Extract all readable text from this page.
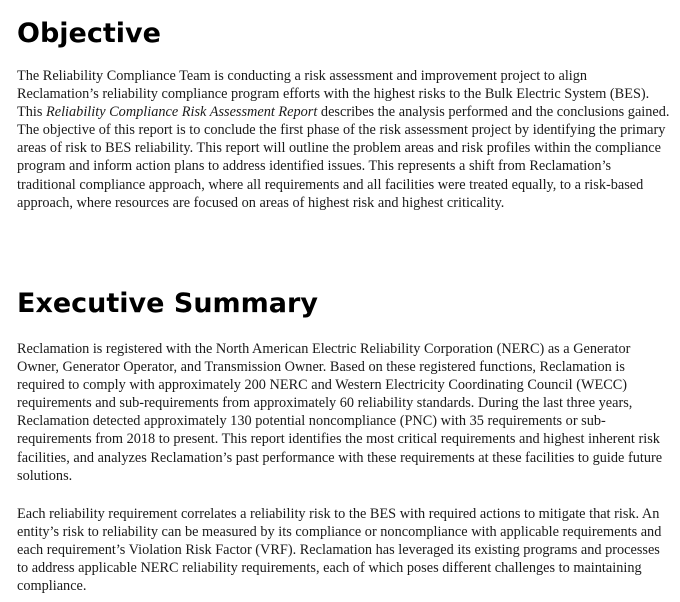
Objective

The Reliability Compliance Team is conducting a risk assessment and improvement project to align Reclamation’s reliability compliance program efforts with the highest risks to the Bulk Electric System (BES). This Reliability Compliance Risk Assessment Report describes the analysis performed and the conclusions gained. The objective of this report is to conclude the first phase of the risk assessment project by identifying the primary areas of risk to BES reliability. This report will outline the problem areas and risk profiles within the compliance program and inform action plans to address identified issues. This represents a shift from Reclamation’s traditional compliance approach, where all requirements and all facilities were treated equally, to a risk-based approach, where resources are focused on areas of highest risk and highest criticality.

Executive Summary

Reclamation is registered with the North American Electric Reliability Corporation (NERC) as a Generator Owner, Generator Operator, and Transmission Owner. Based on these registered functions, Reclamation is required to comply with approximately 200 NERC and Western Electricity Coordinating Council (WECC) requirements and sub-requirements from approximately 60 reliability standards. During the last three years, Reclamation detected approximately 130 potential noncompliance (PNC) with 35 requirements or sub-requirements from 2018 to present. This report identifies the most critical requirements and highest inherent risk facilities, and analyzes Reclamation’s past performance with these requirements at these facilities to guide future solutions.

Each reliability requirement correlates a reliability risk to the BES with required actions to mitigate that risk. An entity’s risk to reliability can be measured by its compliance or noncompliance with applicable requirements and each requirement’s Violation Risk Factor (VRF). Reclamation has leveraged its existing programs and processes to address applicable NERC reliability requirements, each of which poses different challenges to maintaining compliance.
